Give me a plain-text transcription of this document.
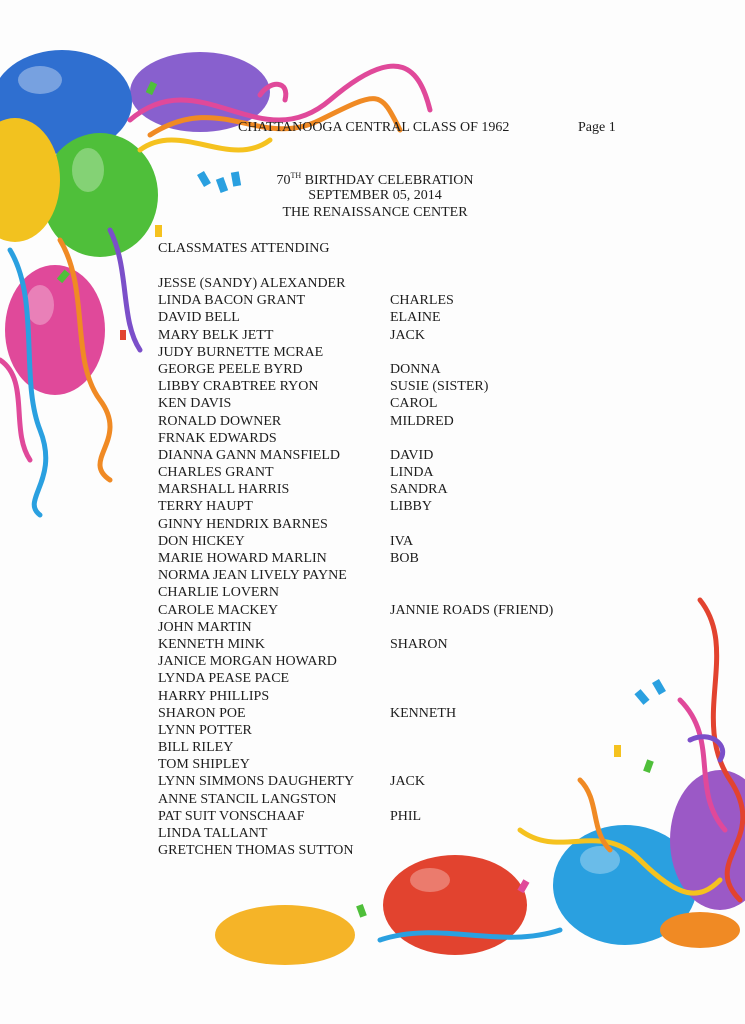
CHATTANOOGA CENTRAL CLASS OF 1962	Page 1
70TH BIRTHDAY CELEBRATION
SEPTEMBER 05, 2014
THE RENAISSANCE CENTER
CLASSMATES ATTENDING
JESSE (SANDY) ALEXANDER
LINDA BACON GRANT	CHARLES
DAVID BELL	ELAINE
MARY BELK JETT	JACK
JUDY BURNETTE MCRAE
GEORGE PEELE BYRD	DONNA
LIBBY CRABTREE RYON	SUSIE (SISTER)
KEN DAVIS	CAROL
RONALD DOWNER	MILDRED
FRNAK EDWARDS
DIANNA GANN MANSFIELD	DAVID
CHARLES GRANT	LINDA
MARSHALL HARRIS	SANDRA
TERRY HAUPT	LIBBY
GINNY HENDRIX BARNES
DON HICKEY	IVA
MARIE HOWARD MARLIN	BOB
NORMA JEAN LIVELY PAYNE
CHARLIE LOVERN
CAROLE MACKEY	JANNIE ROADS (FRIEND)
JOHN MARTIN
KENNETH MINK	SHARON
JANICE MORGAN HOWARD
LYNDA PEASE PACE
HARRY PHILLIPS
SHARON POE	KENNETH
LYNN POTTER
BILL RILEY
TOM SHIPLEY
LYNN SIMMONS DAUGHERTY	JACK
ANNE STANCIL LANGSTON
PAT SUIT VONSCHAAF	PHIL
LINDA TALLANT
GRETCHEN THOMAS SUTTON
